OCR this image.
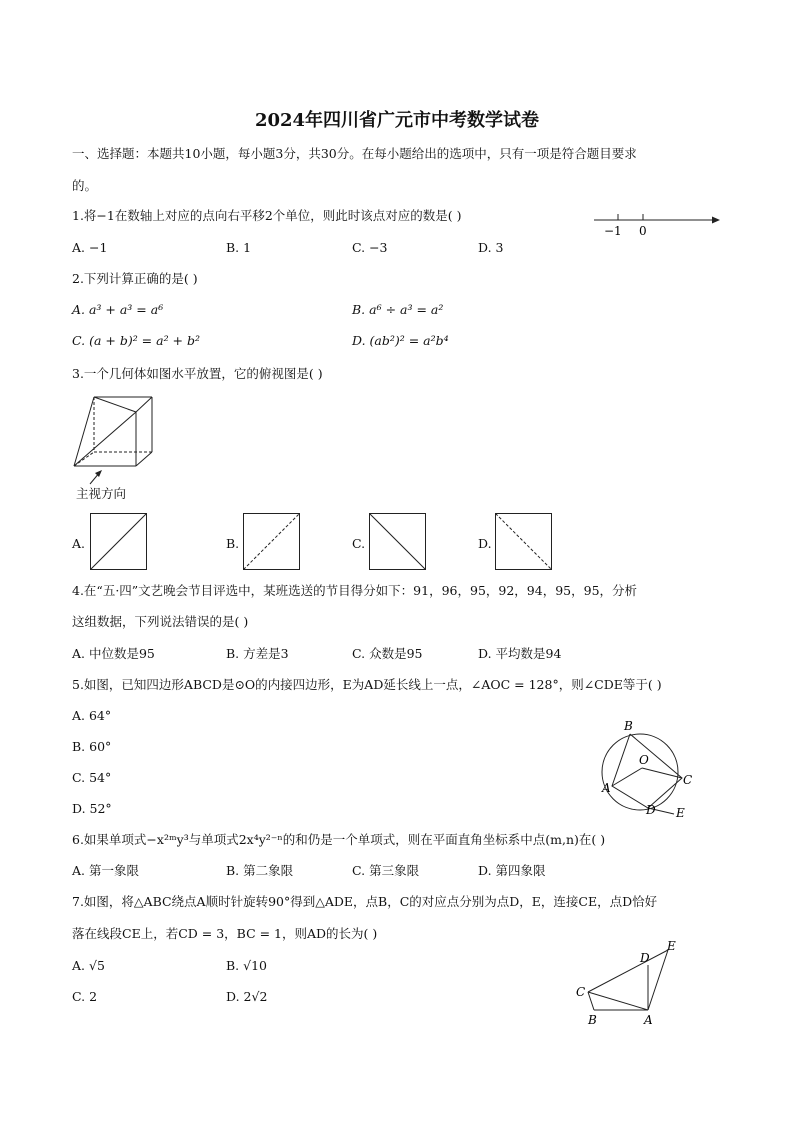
2024年四川省广元市中考数学试卷
一、选择题：本题共10小题，每小题3分，共30分。在每小题给出的选项中，只有一项是符合题目要求
的。
1.将−1在数轴上对应的点向右平移2个单位，则此时该点对应的数是( )
A. −1	B. 1	C. −3	D. 3
−1 0
2.下列计算正确的是( )
A. a³ + a³ = a⁶	B. a⁶ ÷ a³ = a²
C. (a + b)² = a² + b²	D. (ab²)² = a²b⁴
3.一个几何体如图水平放置，它的俯视图是( )
主视方向
A.	B.	C.	D.
4.在“五·四”文艺晚会节目评选中，某班选送的节目得分如下：91，96，95，92，94，95，95，分析
这组数据，下列说法错误的是( )
A. 中位数是95	B. 方差是3	C. 众数是95	D. 平均数是94
5.如图，已知四边形ABCD是⊙O的内接四边形，E为AD延长线上一点，∠AOC = 128°，则∠CDE等于( )
A. 64°
B. 60°
C. 54°
D. 52°
B
O
C
A
D E
6.如果单项式−x²ᵐy³与单项式2x⁴y²⁻ⁿ的和仍是一个单项式，则在平面直角坐标系中点(m,n)在( )
A. 第一象限	B. 第二象限	C. 第三象限	D. 第四象限
7.如图，将△ABC绕点A顺时针旋转90°得到△ADE，点B，C的对应点分别为点D，E，连接CE，点D恰好
落在线段CE上，若CD = 3，BC = 1，则AD的长为( )
A. √5	B. √10
C. 2	D. 2√2
E
D
C
B	A
